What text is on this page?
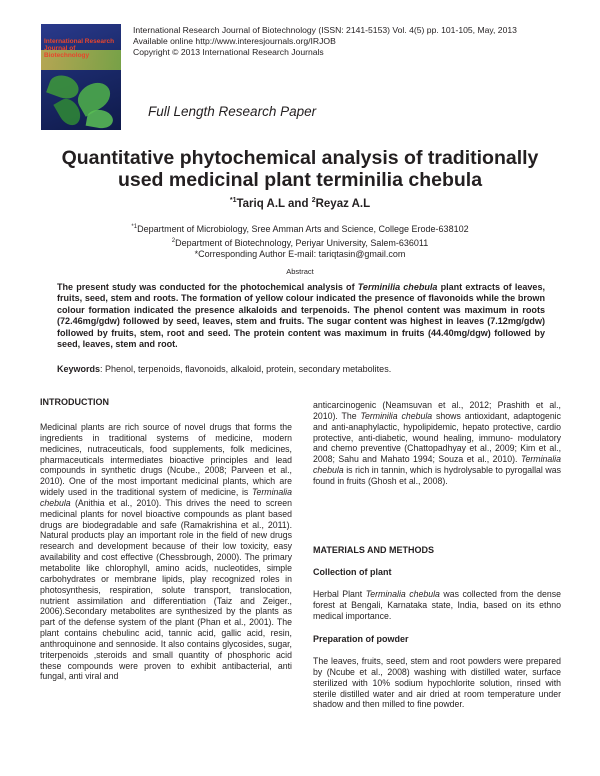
International Research Journal of Biotechnology
International Research Journal of Biotechnology (ISSN: 2141-5153) Vol. 4(5) pp. 101-105, May, 2013
Available online http://www.interesjournals.org/IRJOB
Copyright © 2013 International Research Journals
Full Length Research Paper
Quantitative phytochemical analysis of traditionally
used medicinal plant terminilia chebula
$^{*1}$Tariq A.L and $^2$Reyaz A.L
$^{*1}$Department of Microbiology, Sree Amman Arts and Science, College Erode-638102
$^2$Department of Biotechnology, Periyar University, Salem-636011
*Corresponding Author E-mail: tariqtasin@gmail.com
Abstract
The present study was conducted for the photochemical analysis of Terminilia chebula plant extracts of leaves, fruits, seed, stem and roots. The formation of yellow colour indicated the presence of flavonoids while the brown colour formation indicated the presence alkaloids and terpenoids. The phenol content was maximum in roots (72.46mg/gdw) followed by seed, leaves, stem and fruits. The sugar content was highest in leaves (7.12mg/gdw) followed by fruits, stem, root and seed. The protein content was maximum in fruits (44.40mg/dgw) followed by seed, leaves, stem and root.
Keywords: Phenol, terpenoids, flavonoids, alkaloid, protein, secondary metabolites.
INTRODUCTION
Medicinal plants are rich source of novel drugs that forms the ingredients in traditional systems of medicine, modern medicines, nutraceuticals, food supplements, folk medicines, pharmaceuticals intermediates bioactive principles and lead compounds in synthetic drugs (Ncube., 2008; Parveen et al., 2010). One of the most important medicinal plants, which are widely used in the traditional system of medicine, is Terminalia chebula (Anithia et al., 2010). This drives the need to screen medicinal plants for novel bioactive compounds as plant based drugs are biodegradable and safe (Ramakrishina et al., 2011). Natural products play an important role in the field of new drugs research and development because of their low toxicity, easy availability and cost effective (Chessbrough, 2000). The primary metabolite like chlorophyll, amino acids, nucleotides, simple carbohydrates or membrane lipids, play recognized roles in photosynthesis, respiration, solute transport, translocation, nutrient assimilation and differentiation (Taiz and Zeiger., 2006).Secondary metabolites are synthesized by the plants as part of the defense system of the plant (Phan et al., 2001). The plant contains chebulinc acid, tannic acid, gallic acid, resin, anthroquinone and sennoside. It also contains glycosides, sugar, triterpenoids ,steroids and small quantity of phosphoric acid these compounds were proven to exhibit antibacterial, anti fungal, anti viral and
anticarcinogenic (Neamsuvan et al., 2012; Prashith et al., 2010). The Terminilia chebula shows antioxidant, adaptogenic and anti-anaphylactic, hypolipidemic, hepato protective, cardio protective, anti-diabetic, wound healing, immuno- modulatory and chemo preventive (Chattopadhyay et al., 2009; Kim et al., 2008; Sahu and Mahato 1994; Souza et al., 2010). Terminalia chebula is rich in tannin, which is hydrolysable to pyrogallal was found in fruits (Ghosh et al., 2008).
MATERIALS AND METHODS
Collection of plant
Herbal Plant Terminalia chebula was collected from the dense forest at Bengali, Karnataka state, India, based on its ethno medical importance.
Preparation of powder
The leaves, fruits, seed, stem and root powders were prepared by (Ncube et al., 2008) washing with distilled water, surface sterilized with 10% sodium hypochlorite solution, rinsed with sterile distilled water and air dried at room temperature under shadow and then milled to fine powder.
